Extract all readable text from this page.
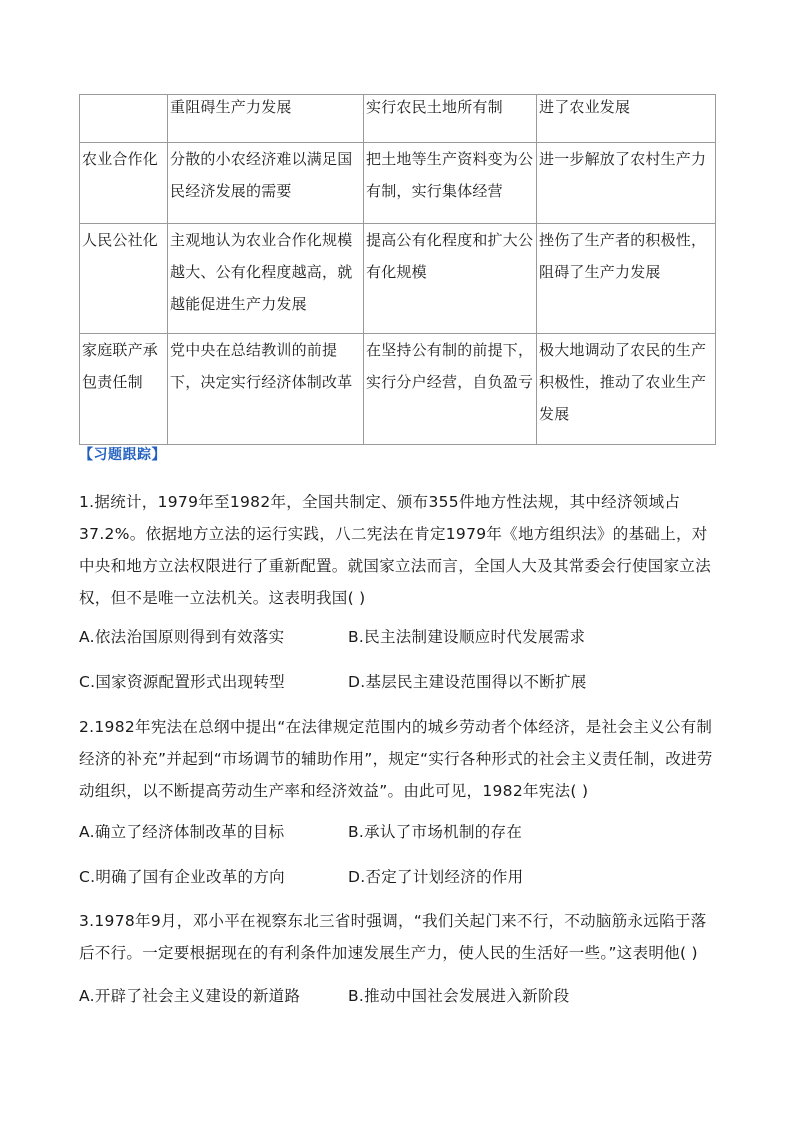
	重阻碍生产力发展	实行农民土地所有制	进了农业发展

农业合作化	分散的小农经济难以满足国民经济发展的需要	把土地等生产资料变为公有制，实行集体经营	进一步解放了农村生产力

人民公社化	主观地认为农业合作化规模越大、公有化程度越高，就越能促进生产力发展	提高公有化程度和扩大公有化规模	挫伤了生产者的积极性，阻碍了生产力发展

家庭联产承包责任制	党中央在总结教训的前提下，决定实行经济体制改革	在坚持公有制的前提下，实行分户经营，自负盈亏	极大地调动了农民的生产积极性，推动了农业生产发展
【习题跟踪】
1.据统计，1979年至1982年，全国共制定、颁布355件地方性法规，其中经济领域占37.2%。依据地方立法的运行实践，八二宪法在肯定1979年《地方组织法》的基础上，对中央和地方立法权限进行了重新配置。就国家立法而言，全国人大及其常委会行使国家立法权，但不是唯一立法机关。这表明我国( )
A.依法治国原则得到有效落实	B.民主法制建设顺应时代发展需求
C.国家资源配置形式出现转型	D.基层民主建设范围得以不断扩展
2.1982年宪法在总纲中提出“在法律规定范围内的城乡劳动者个体经济，是社会主义公有制经济的补充”并起到“市场调节的辅助作用”，规定“实行各种形式的社会主义责任制，改进劳动组织，以不断提高劳动生产率和经济效益”。由此可见，1982年宪法( )
A.确立了经济体制改革的目标	B.承认了市场机制的存在
C.明确了国有企业改革的方向	D.否定了计划经济的作用
3.1978年9月，邓小平在视察东北三省时强调，“我们关起门来不行，不动脑筋永远陷于落后不行。一定要根据现在的有利条件加速发展生产力，使人民的生活好一些。”这表明他( )
A.开辟了社会主义建设的新道路	B.推动中国社会发展进入新阶段
